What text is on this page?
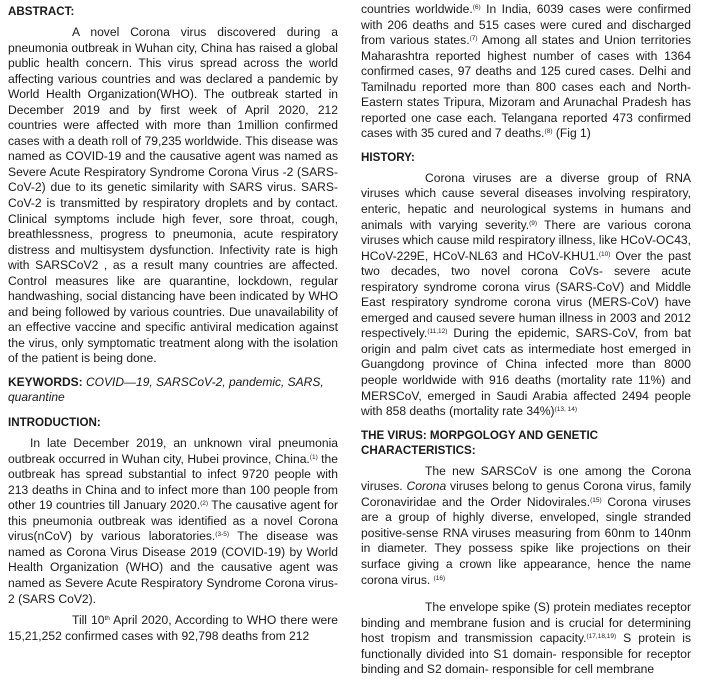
ABSTRACT:

A novel Corona virus discovered during a pneumonia outbreak in Wuhan city, China has raised a global public health concern. This virus spread across the world affecting various countries and was declared a pandemic by World Health Organization(WHO). The outbreak started in December 2019 and by first week of April 2020, 212 countries were affected with more than 1million confirmed cases with a death roll of 79,235 worldwide. This disease was named as COVID-19 and the causative agent was named as Severe Acute Respiratory Syndrome Corona Virus -2 (SARS-CoV-2) due to its genetic similarity with SARS virus. SARS-CoV-2 is transmitted by respiratory droplets and by contact. Clinical symptoms include high fever, sore throat, cough, breathlessness, progress to pneumonia, acute respiratory distress and multisystem dysfunction. Infectivity rate is high with SARSCoV2 , as a result many countries are affected. Control measures like are quarantine, lockdown, regular handwashing, social distancing have been indicated by WHO and being followed by various countries. Due unavailability of an effective vaccine and specific antiviral medication against the virus, only symptomatic treatment along with the isolation of the patient is being done.

KEYWORDS: COVID—19, SARSCoV-2, pandemic, SARS, quarantine
INTRODUCTION:

In late December 2019, an unknown viral pneumonia outbreak occurred in Wuhan city, Hubei province, China.$^{(1)}$ the outbreak has spread substantial to infect 9720 people with 213 deaths in China and to infect more than 100 people from other 19 countries till January 2020.$^{(2)}$ The causative agent for this pneumonia outbreak was identified as a novel Corona virus(nCoV) by various laboratories.$^{(3-5)}$ The disease was named as Corona Virus Disease 2019 (COVID-19) by World Health Organization (WHO) and the causative agent was named as Severe Acute Respiratory Syndrome Corona virus- 2 (SARS CoV2).

Till 10th April 2020, According to WHO there were 15,21,252 confirmed cases with 92,798 deaths from 212

countries worldwide.$^{(6)}$ In India, 6039 cases were confirmed with 206 deaths and 515 cases were cured and discharged from various states.$^{(7)}$ Among all states and Union territories Maharashtra reported highest number of cases with 1364 confirmed cases, 97 deaths and 125 cured cases. Delhi and Tamilnadu reported more than 800 cases each and North-Eastern states Tripura, Mizoram and Arunachal Pradesh has reported one case each. Telangana reported 473 confirmed cases with 35 cured and 7 deaths.$^{(8)}$ (Fig 1)

HISTORY:

Corona viruses are a diverse group of RNA viruses which cause several diseases involving respiratory, enteric, hepatic and neurological systems in humans and animals with varying severity.$^{(9)}$ There are various corona viruses which cause mild respiratory illness, like HCoV-OC43, HCoV-229E, HCoV-NL63 and HCoV-KHU1.$^{(10)}$ Over the past two decades, two novel corona CoVs- severe acute respiratory syndrome corona virus (SARS-CoV) and Middle East respiratory syndrome corona virus (MERS-CoV) have emerged and caused severe human illness in 2003 and 2012 respectively.$^{(11,12)}$ During the epidemic, SARS-CoV, from bat origin and palm civet cats as intermediate host emerged in Guangdong province of China infected more than 8000 people worldwide with 916 deaths (mortality rate 11%) and MERSCoV, emerged in Saudi Arabia affected 2494 people with 858 deaths (mortality rate 34%)$^{(13, 14)}$

THE VIRUS: MORPGOLOGY AND GENETIC CHARACTERISTICS:

The new SARSCoV is one among the Corona viruses. Corona viruses belong to genus Corona virus, family Coronaviridae and the Order Nidovirales.$^{(15)}$ Corona viruses are a group of highly diverse, enveloped, single stranded positive-sense RNA viruses measuring from 60nm to 140nm in diameter. They possess spike like projections on their surface giving a crown like appearance, hence the name corona virus. $^{(16)}$

The envelope spike (S) protein mediates receptor binding and membrane fusion and is crucial for determining host tropism and transmission capacity.$^{(17,18,19)}$ S protein is functionally divided into S1 domain- responsible for receptor binding and S2 domain- responsible for cell membrane
